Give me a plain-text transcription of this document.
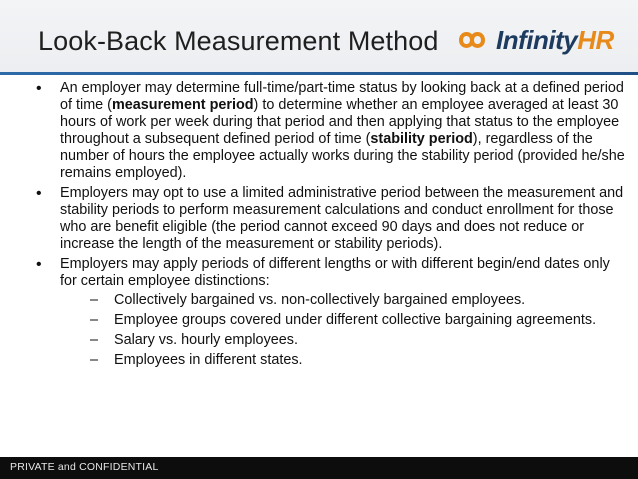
Look-Back Measurement Method InfinityHR
• An employer may determine full-time/part-time status by looking back at a defined period of time (measurement period) to determine whether an employee averaged at least 30 hours of work per week during that period and then applying that status to the employee throughout a subsequent defined period of time (stability period), regardless of the number of hours the employee actually works during the stability period (provided he/she remains employed).
• Employers may opt to use a limited administrative period between the measurement and stability periods to perform measurement calculations and conduct enrollment for those who are benefit eligible (the period cannot exceed 90 days and does not reduce or increase the length of the measurement or stability periods).
• Employers may apply periods of different lengths or with different begin/end dates only for certain employee distinctions:
– Collectively bargained vs. non-collectively bargained employees.
– Employee groups covered under different collective bargaining agreements.
– Salary vs. hourly employees.
– Employees in different states.
PRIVATE and CONFIDENTIAL
